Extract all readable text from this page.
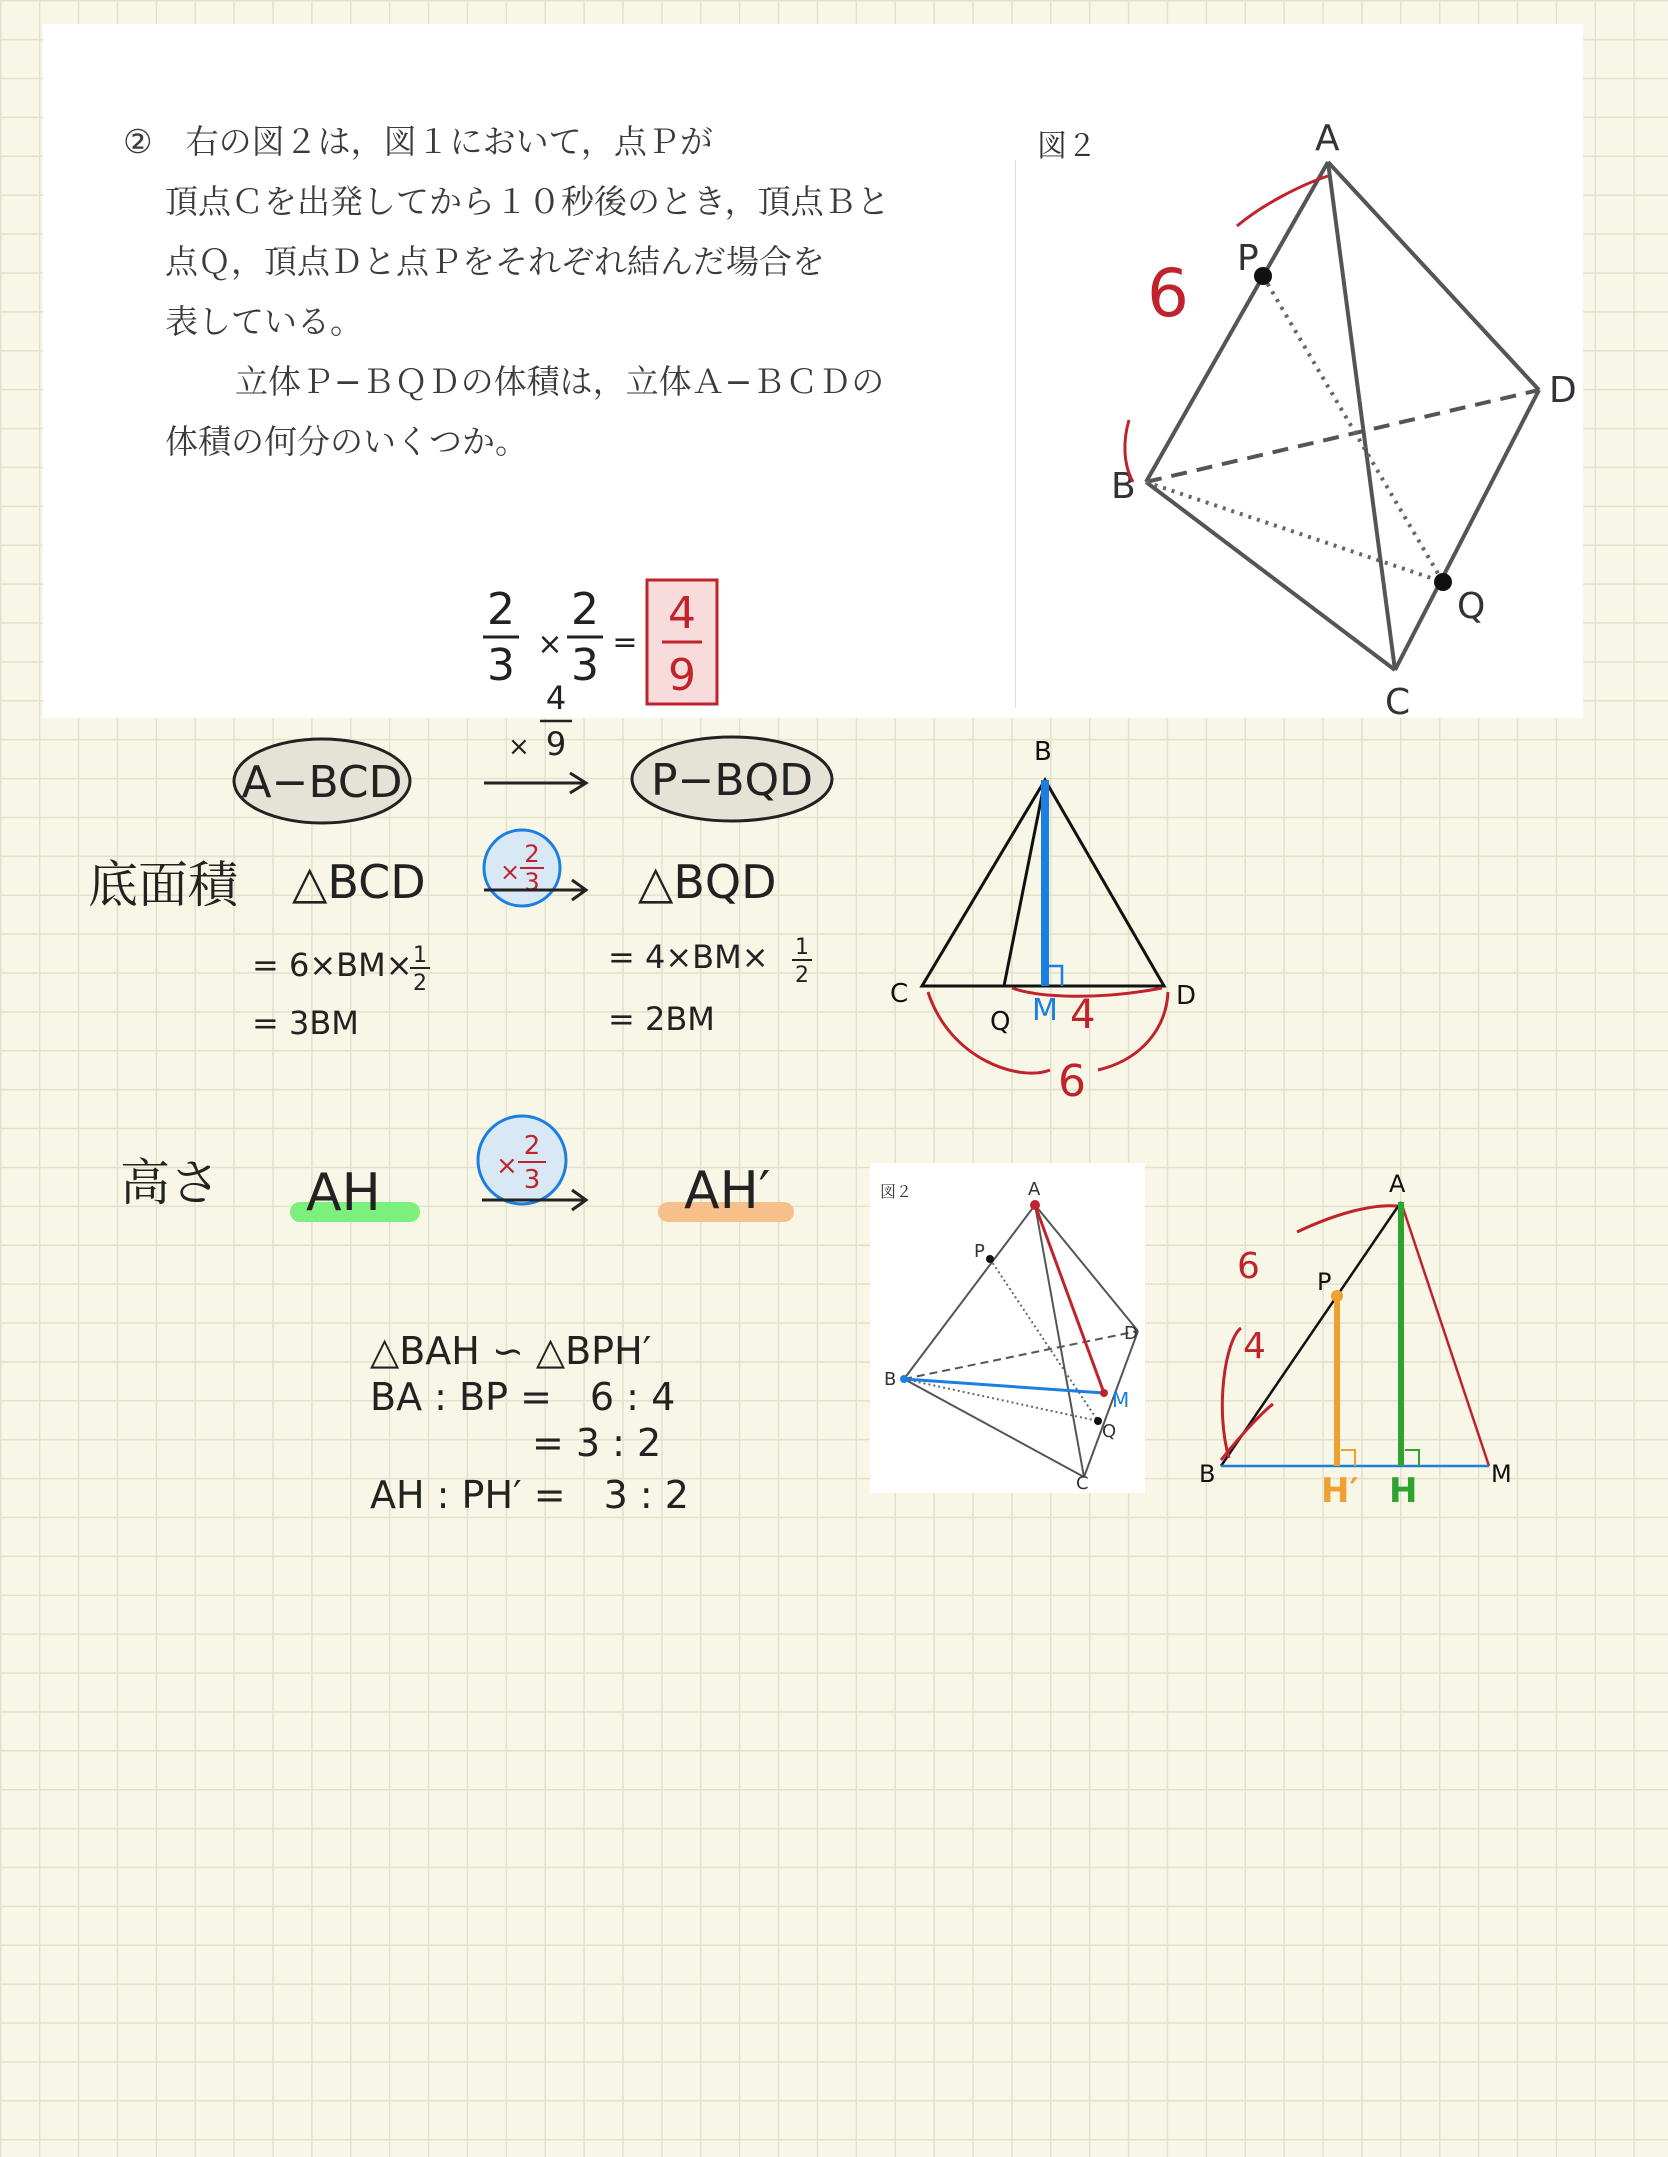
②　右の図２は，図１において，点Ｐが

頂点Ｃを出発してから１０秒後のとき，頂点Ｂと

点Ｑ，頂点Ｄと点Ｐをそれぞれ結んだ場合を

表している。

立体Ｐ−ＢＱＤの体積は，立体Ａ−ＢＣＤの

体積の何分のいくつか。

2
3 ×
2
3 =
4
9
図２	A
B
C
D
P
Q
6
A−BCD
×
4
9
P−BQD
底面積 △BCD	×
2
3 △BQD
= 6×BM× 1
2
= 3BM
= 4×BM× 1
2
= 2BM
B
C	D
Q M 4
6
高さ AH	×
2
3	AH′
△BAH ∽ △BPH′
BA : BP =　6 : 4
= 3 : 2
AH : PH′ =　3 : 2
図２	A
B
C
D
P
Q
M
A
B	M
P
H′ H
6
4
